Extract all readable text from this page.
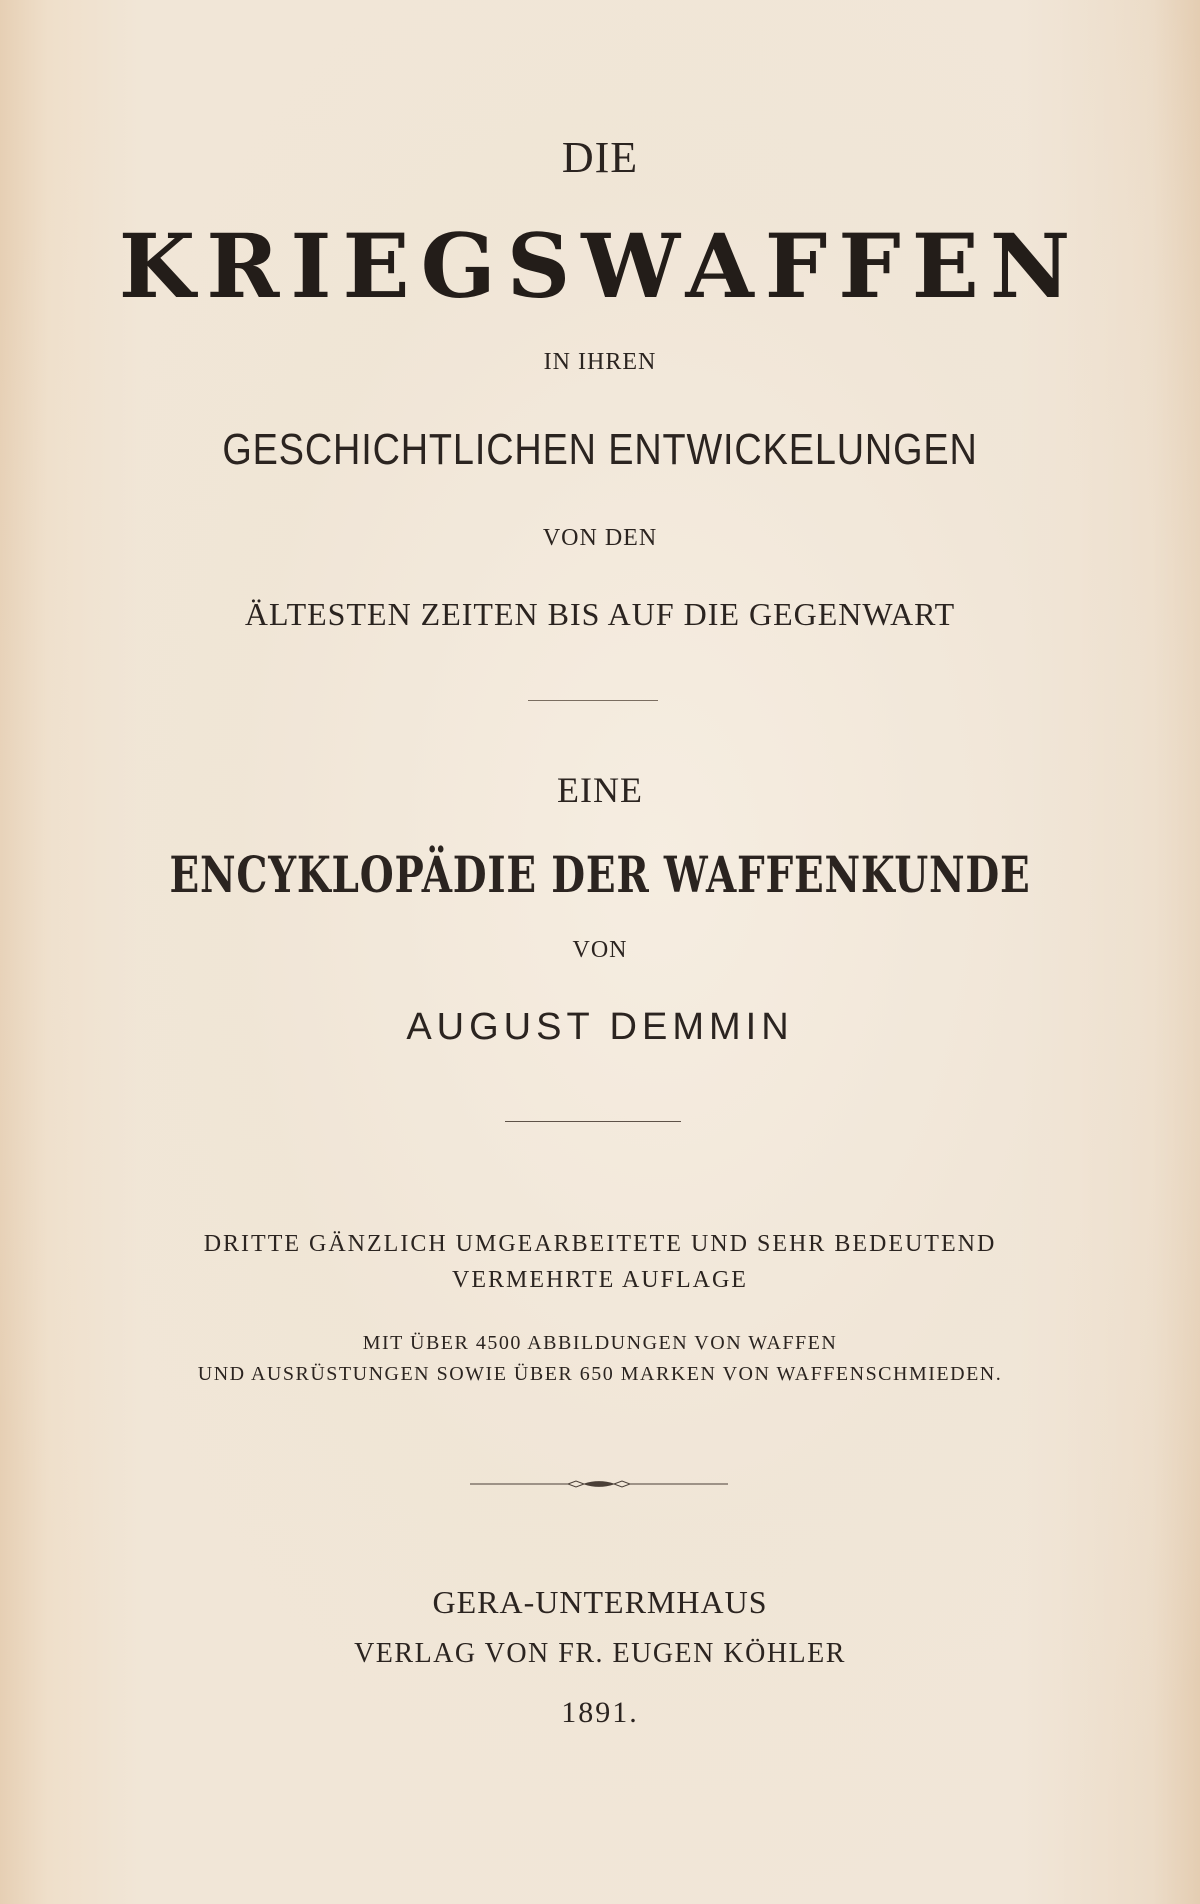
DIE
KRIEGSWAFFEN
IN IHREN
GESCHICHTLICHEN ENTWICKELUNGEN
VON DEN
ÄLTESTEN ZEITEN BIS AUF DIE GEGENWART
EINE
ENCYKLOPÄDIE DER WAFFENKUNDE
VON
AUGUST DEMMIN
DRITTE GÄNZLICH UMGEARBEITETE UND SEHR BEDEUTEND
VERMEHRTE AUFLAGE
MIT ÜBER 4500 ABBILDUNGEN VON WAFFEN
UND AUSRÜSTUNGEN SOWIE ÜBER 650 MARKEN VON WAFFENSCHMIEDEN.
GERA-UNTERMHAUS
VERLAG VON FR. EUGEN KÖHLER
1891.
